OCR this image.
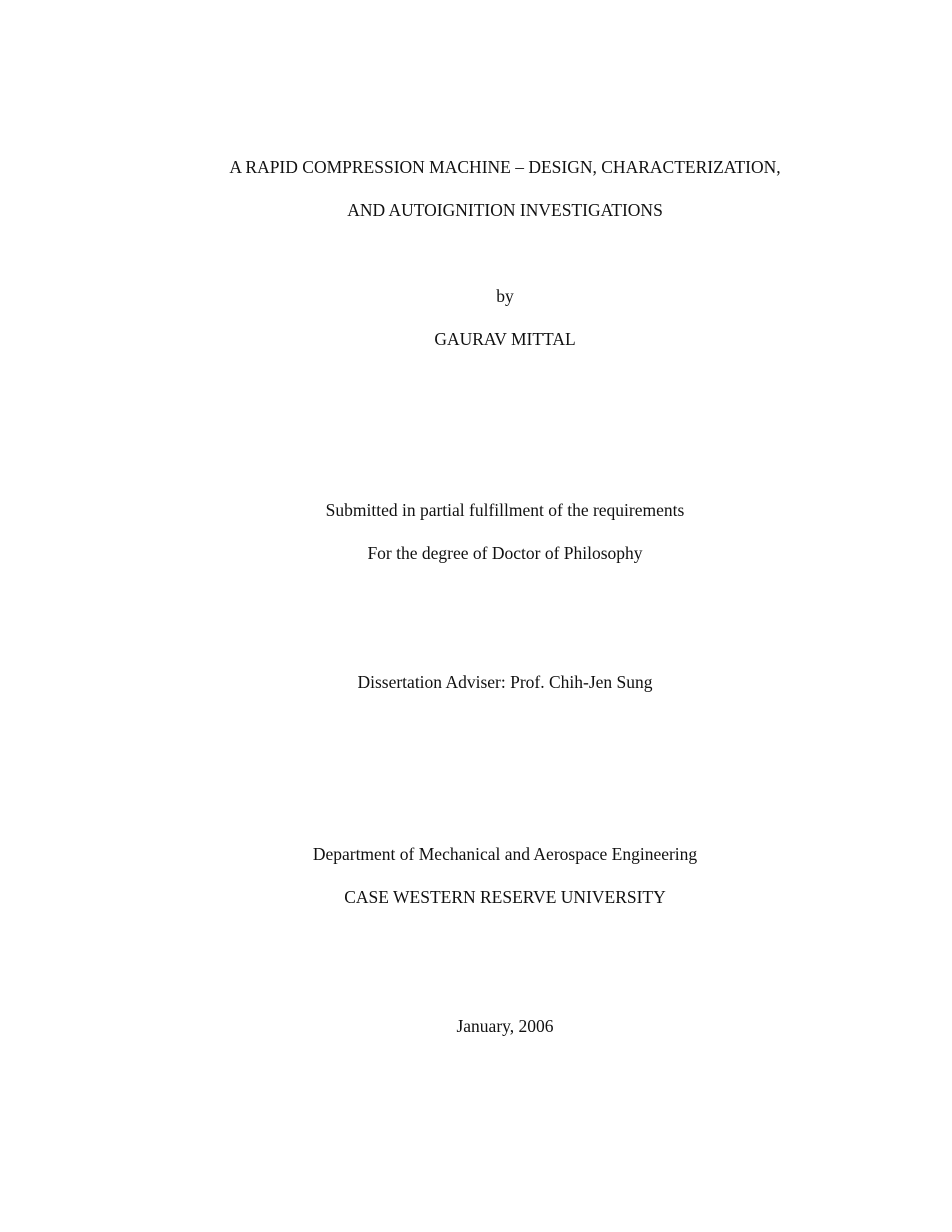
A RAPID COMPRESSION MACHINE – DESIGN, CHARACTERIZATION,
AND AUTOIGNITION INVESTIGATIONS
by
GAURAV MITTAL
Submitted in partial fulfillment of the requirements
For the degree of Doctor of Philosophy
Dissertation Adviser: Prof. Chih-Jen Sung
Department of Mechanical and Aerospace Engineering
CASE WESTERN RESERVE UNIVERSITY
January, 2006
